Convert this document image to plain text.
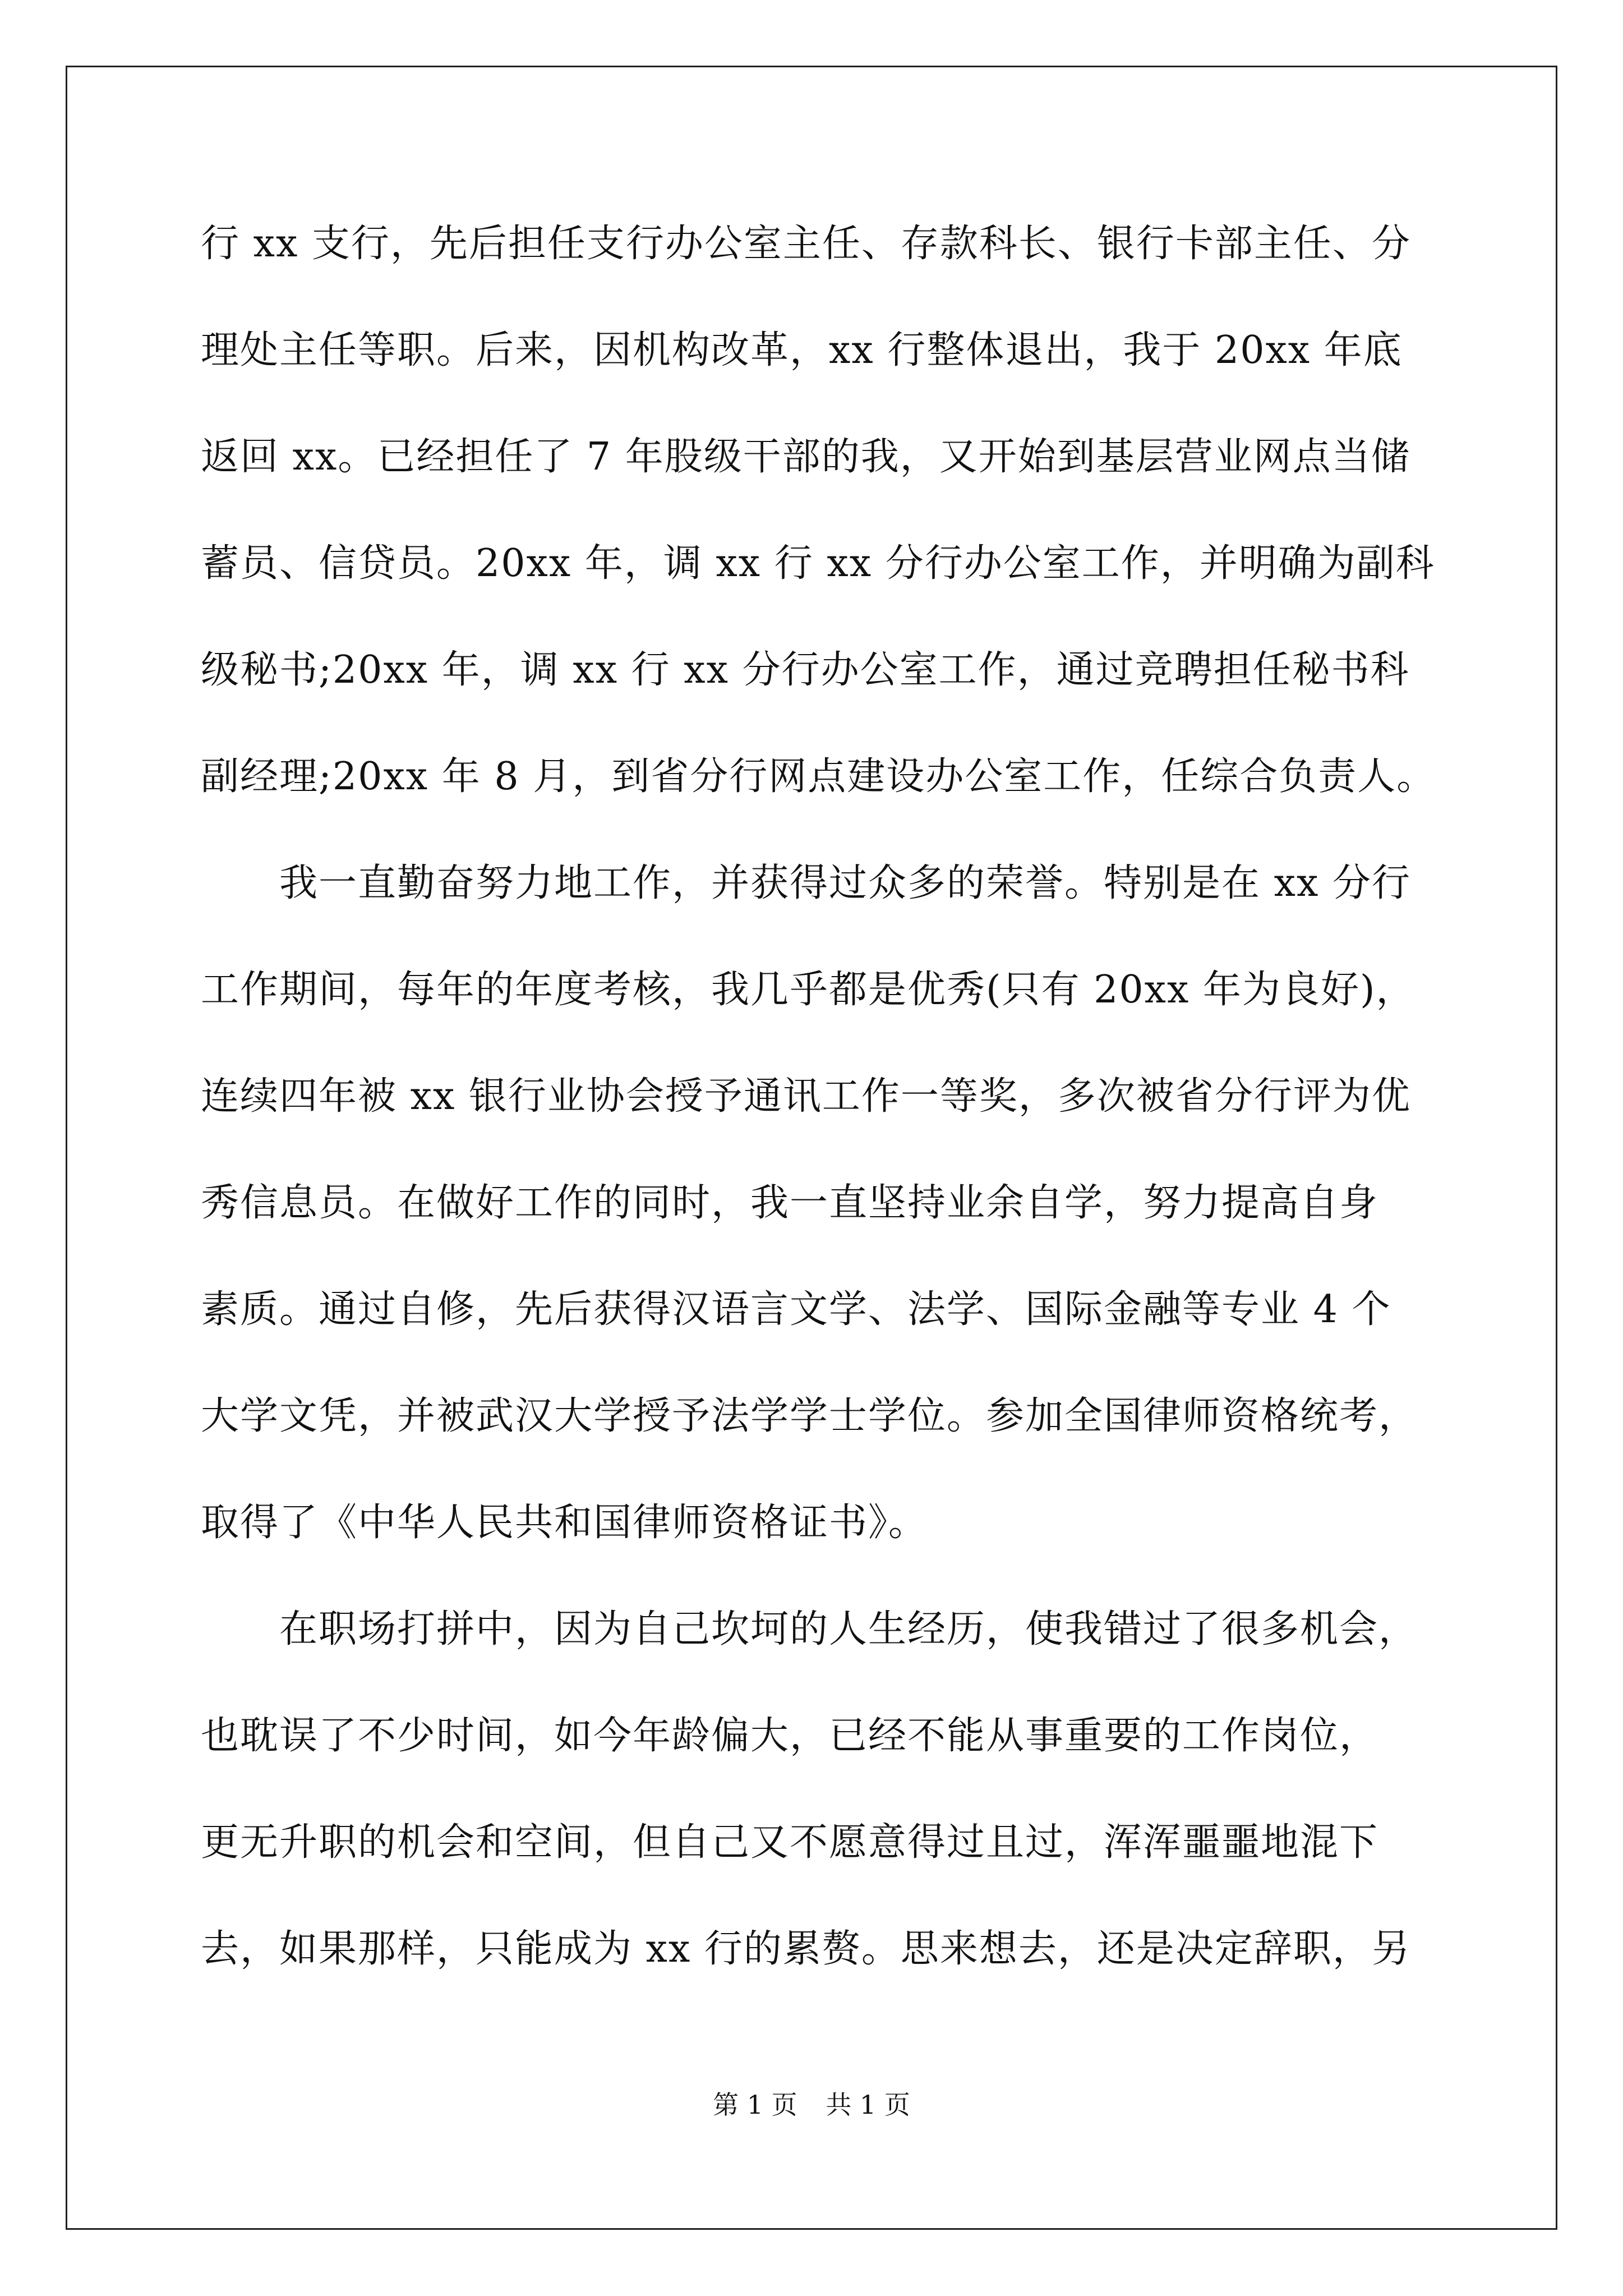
行 xx 支行，先后担任支行办公室主任、存款科长、银行卡部主任、分
理处主任等职。后来，因机构改革，xx 行整体退出，我于 20xx 年底
返回 xx。已经担任了 7 年股级干部的我，又开始到基层营业网点当储
蓄员、信贷员。20xx 年，调 xx 行 xx 分行办公室工作，并明确为副科
级秘书;20xx 年，调 xx 行 xx 分行办公室工作，通过竞聘担任秘书科
副经理;20xx 年 8 月，到省分行网点建设办公室工作，任综合负责人。
　　我一直勤奋努力地工作，并获得过众多的荣誉。特别是在 xx 分行
工作期间，每年的年度考核，我几乎都是优秀(只有 20xx 年为良好)，
连续四年被 xx 银行业协会授予通讯工作一等奖，多次被省分行评为优
秀信息员。在做好工作的同时，我一直坚持业余自学，努力提高自身
素质。通过自修，先后获得汉语言文学、法学、国际金融等专业 4 个
大学文凭，并被武汉大学授予法学学士学位。参加全国律师资格统考，
取得了《中华人民共和国律师资格证书》。
　　在职场打拼中，因为自己坎坷的人生经历，使我错过了很多机会，
也耽误了不少时间，如今年龄偏大，已经不能从事重要的工作岗位，
更无升职的机会和空间，但自己又不愿意得过且过，浑浑噩噩地混下
去，如果那样，只能成为 xx 行的累赘。思来想去，还是决定辞职，另
第 1 页 共 1 页
